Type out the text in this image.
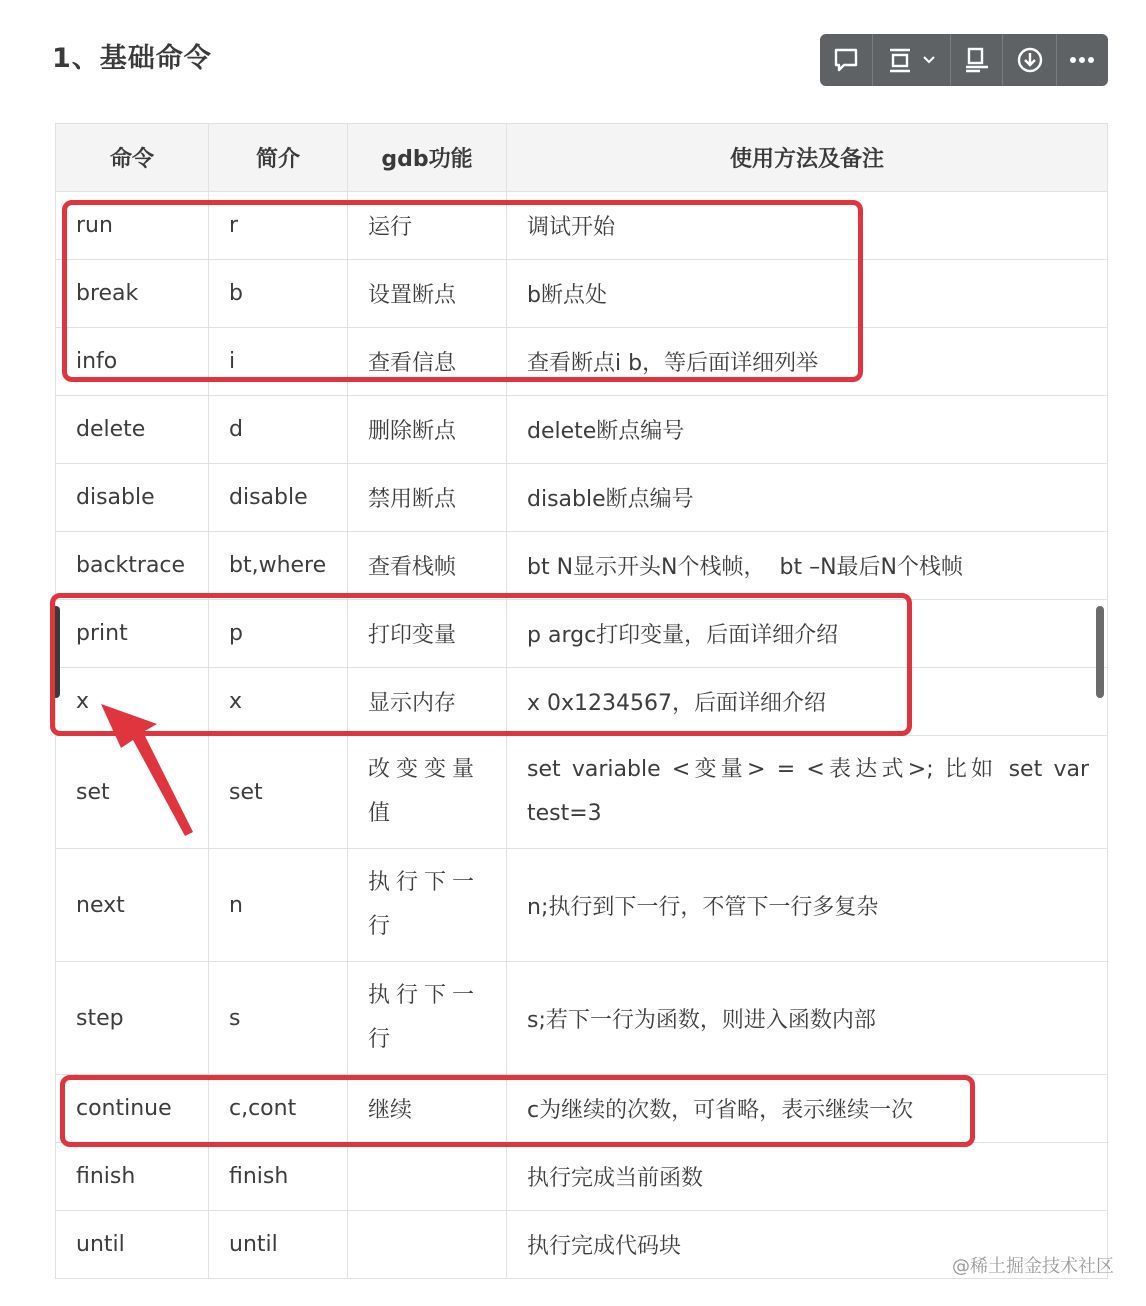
1、基础命令
命令	简介	gdb功能	使用方法及备注
run	r	运行	调试开始
break	b	设置断点	b断点处
info	i	查看信息	查看断点i b，等后面详细列举
delete	d	删除断点	delete断点编号
disable	disable	禁用断点	disable断点编号
backtrace	bt,where	查看栈帧	bt N显示开头N个栈帧，  bt –N最后N个栈帧
print	p	打印变量	p argc打印变量，后面详细介绍
x	x	显示内存	x 0x1234567，后面详细介绍
set	set	改变变量值	set variable <变量> = <表达式>; 比如 set var test=3
next	n	执行下一行	n;执行到下一行，不管下一行多复杂
step	s	执行下一行	s;若下一行为函数，则进入函数内部
continue	c,cont	继续	c为继续的次数，可省略，表示继续一次
finish	finish		执行完成当前函数
until	until		执行完成代码块
@稀土掘金技术社区
